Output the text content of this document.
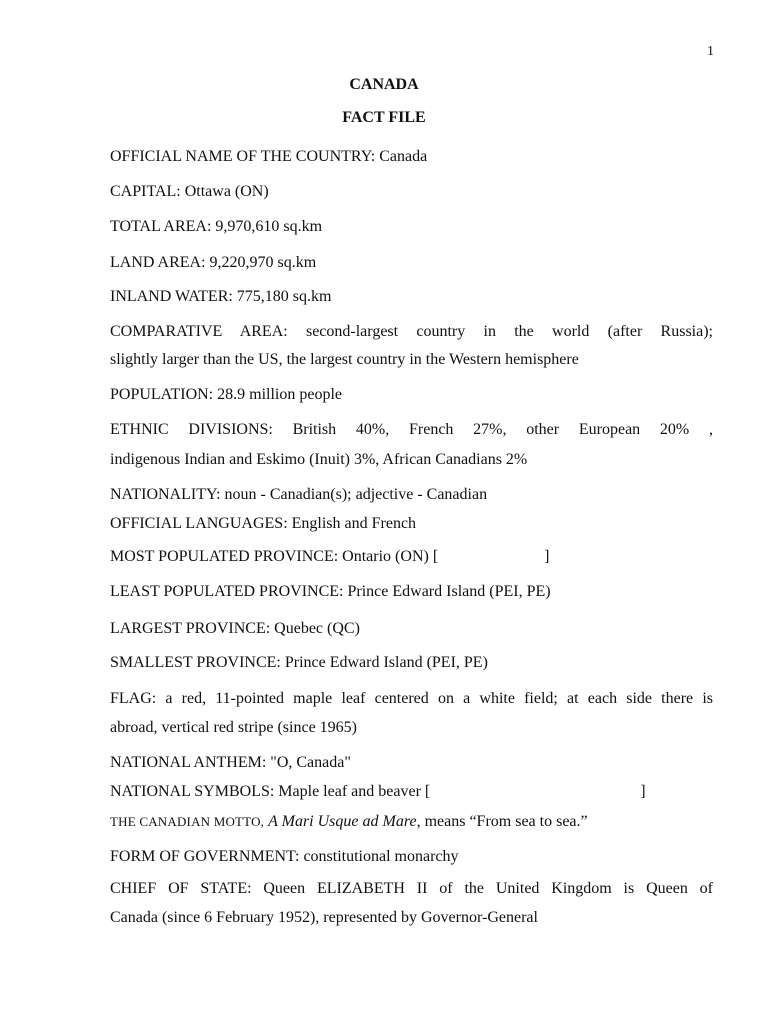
1
CANADA
FACT FILE
OFFICIAL NAME OF THE COUNTRY: Canada
CAPITAL: Ottawa (ON)
TOTAL AREA: 9,970,610 sq.km
LAND AREA: 9,220,970 sq.km
INLAND WATER: 775,180 sq.km
COMPARATIVE AREA: second-largest country in the world (after Russia);
slightly larger than the US, the largest country in the Western hemisphere
POPULATION: 28.9 million people
ETHNIC DIVISIONS: British 40%, French 27%, other European 20% ,
indigenous Indian and Eskimo (Inuit) 3%, African Canadians 2%
NATIONALITY: noun - Canadian(s); adjective - Canadian
OFFICIAL LANGUAGES: English and French
MOST POPULATED PROVINCE: Ontario (ON) [	]
LEAST POPULATED PROVINCE: Prince Edward Island (PEI, PE)
LARGEST PROVINCE: Quebec (QC)
SMALLEST PROVINCE: Prince Edward Island (PEI, PE)
FLAG: a red, 11-pointed maple leaf centered on a white field; at each side there is
abroad, vertical red stripe (since 1965)
NATIONAL ANTHEM: "O, Canada"
NATIONAL SYMBOLS: Maple leaf and beaver [	]
THE CANADIAN MOTTO, A Mari Usque ad Mare, means “From sea to sea.”
FORM OF GOVERNMENT: constitutional monarchy
CHIEF OF STATE: Queen ELIZABETH II of the United Kingdom is Queen of
Canada (since 6 February 1952), represented by Governor-General
